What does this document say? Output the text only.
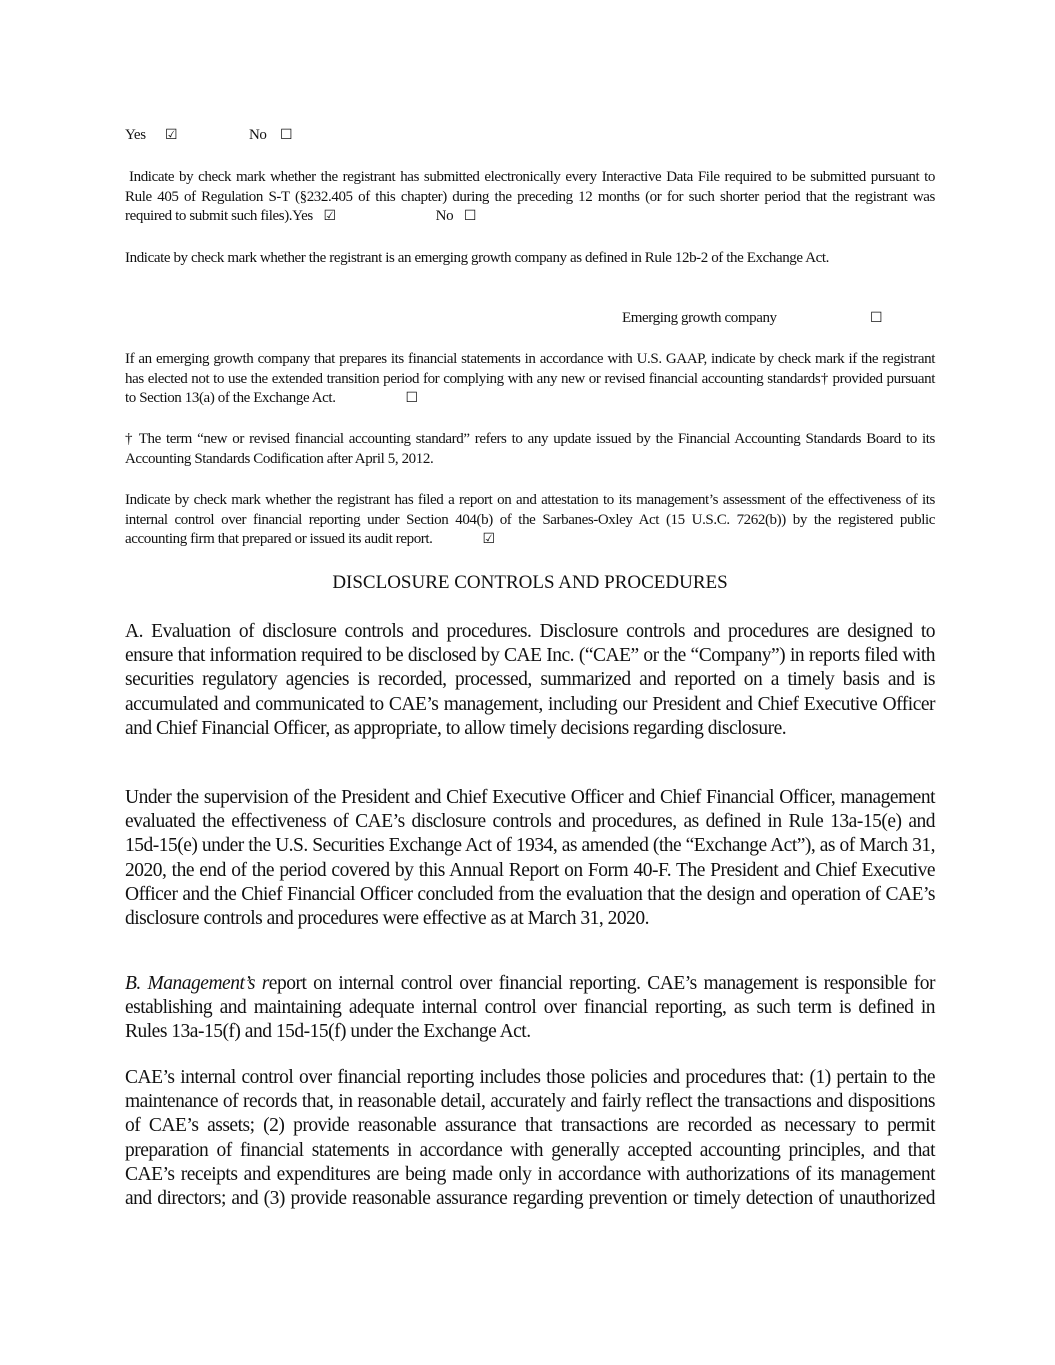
Yes ☑	No ☐
Indicate by check mark whether the registrant has submitted electronically every Interactive Data File required to be submitted pursuant to Rule 405 of Regulation S-T (§232.405 of this chapter) during the preceding 12 months (or for such shorter period that the registrant was required to submit such files).Yes ☑	No ☐
Indicate by check mark whether the registrant is an emerging growth company as defined in Rule 12b-2 of the Exchange Act.
Emerging growth company	☐
If an emerging growth company that prepares its financial statements in accordance with U.S. GAAP, indicate by check mark if the registrant has elected not to use the extended transition period for complying with any new or revised financial accounting standards† provided pursuant to Section 13(a) of the Exchange Act.	☐
† The term “new or revised financial accounting standard” refers to any update issued by the Financial Accounting Standards Board to its Accounting Standards Codification after April 5, 2012.
Indicate by check mark whether the registrant has filed a report on and attestation to its management’s assessment of the effectiveness of its internal control over financial reporting under Section 404(b) of the Sarbanes-Oxley Act (15 U.S.C. 7262(b)) by the registered public accounting firm that prepared or issued its audit report.	☑
DISCLOSURE CONTROLS AND PROCEDURES
A. Evaluation of disclosure controls and procedures. Disclosure controls and procedures are designed to ensure that information required to be disclosed by CAE Inc. (“CAE” or the “Company”) in reports filed with securities regulatory agencies is recorded, processed, summarized and reported on a timely basis and is accumulated and communicated to CAE’s management, including our President and Chief Executive Officer and Chief Financial Officer, as appropriate, to allow timely decisions regarding disclosure.
Under the supervision of the President and Chief Executive Officer and Chief Financial Officer, management evaluated the effectiveness of CAE’s disclosure controls and procedures, as defined in Rule 13a-15(e) and 15d-15(e) under the U.S. Securities Exchange Act of 1934, as amended (the “Exchange Act”), as of March 31, 2020, the end of the period covered by this Annual Report on Form 40-F. The President and Chief Executive Officer and the Chief Financial Officer concluded from the evaluation that the design and operation of CAE’s disclosure controls and procedures were effective as at March 31, 2020.
B. Management’s report on internal control over financial reporting. CAE’s management is responsible for establishing and maintaining adequate internal control over financial reporting, as such term is defined in Rules 13a-15(f) and 15d-15(f) under the Exchange Act.
CAE’s internal control over financial reporting includes those policies and procedures that: (1) pertain to the maintenance of records that, in reasonable detail, accurately and fairly reflect the transactions and dispositions of CAE’s assets; (2) provide reasonable assurance that transactions are recorded as necessary to permit preparation of financial statements in accordance with generally accepted accounting principles, and that CAE’s receipts and expenditures are being made only in accordance with authorizations of its management and directors; and (3) provide reasonable assurance regarding prevention or timely detection of unauthorized
